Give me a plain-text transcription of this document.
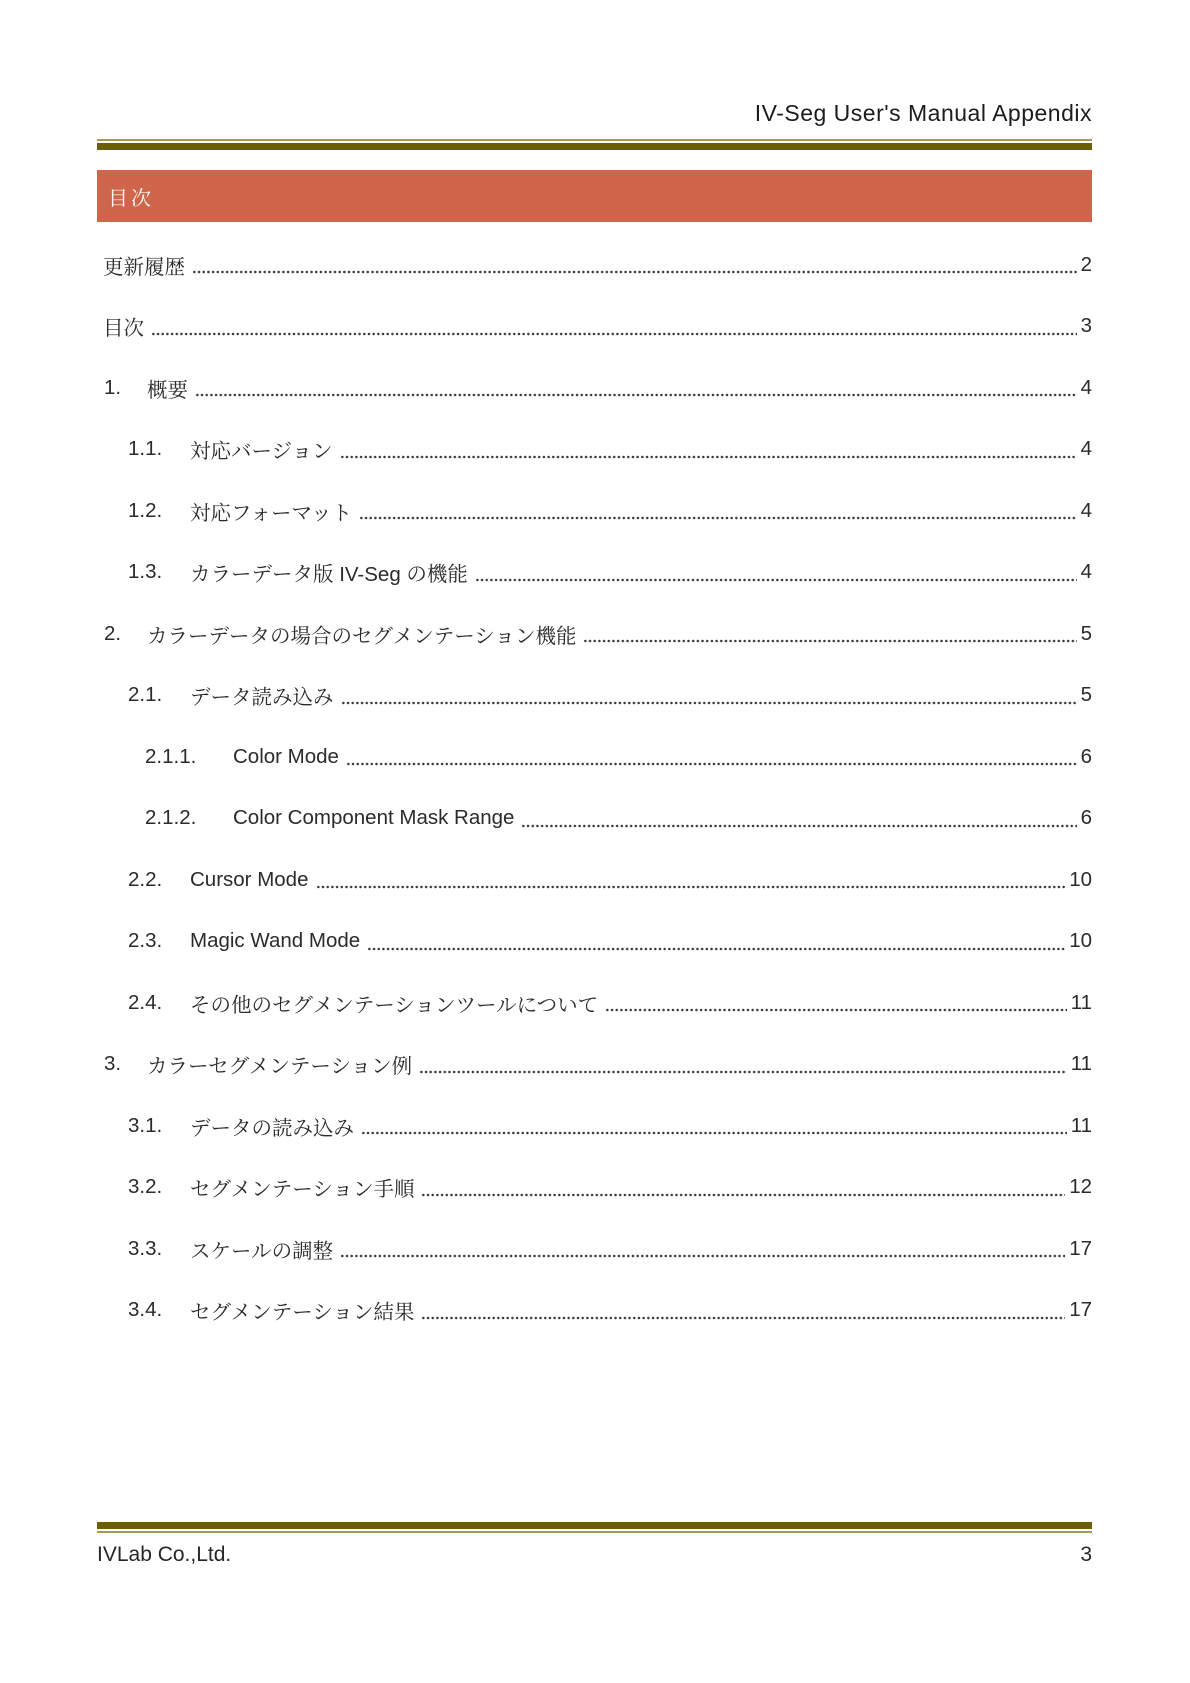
IV-Seg User's Manual Appendix
目次
更新履歴	2
目次	3
1.	概要	4
1.1.	対応バージョン	4
1.2.	対応フォーマット	4
1.3.	カラーデータ版 IV-Seg の機能	4
2.	カラーデータの場合のセグメンテーション機能	5
2.1.	データ読み込み	5
2.1.1.	Color Mode	6
2.1.2.	Color Component Mask Range	6
2.2.	Cursor Mode	10
2.3.	Magic Wand Mode	10
2.4.	その他のセグメンテーションツールについて	11
3.	カラーセグメンテーション例	11
3.1.	データの読み込み	11
3.2.	セグメンテーション手順	12
3.3.	スケールの調整	17
3.4.	セグメンテーション結果	17
IVLab Co.,Ltd.	3
